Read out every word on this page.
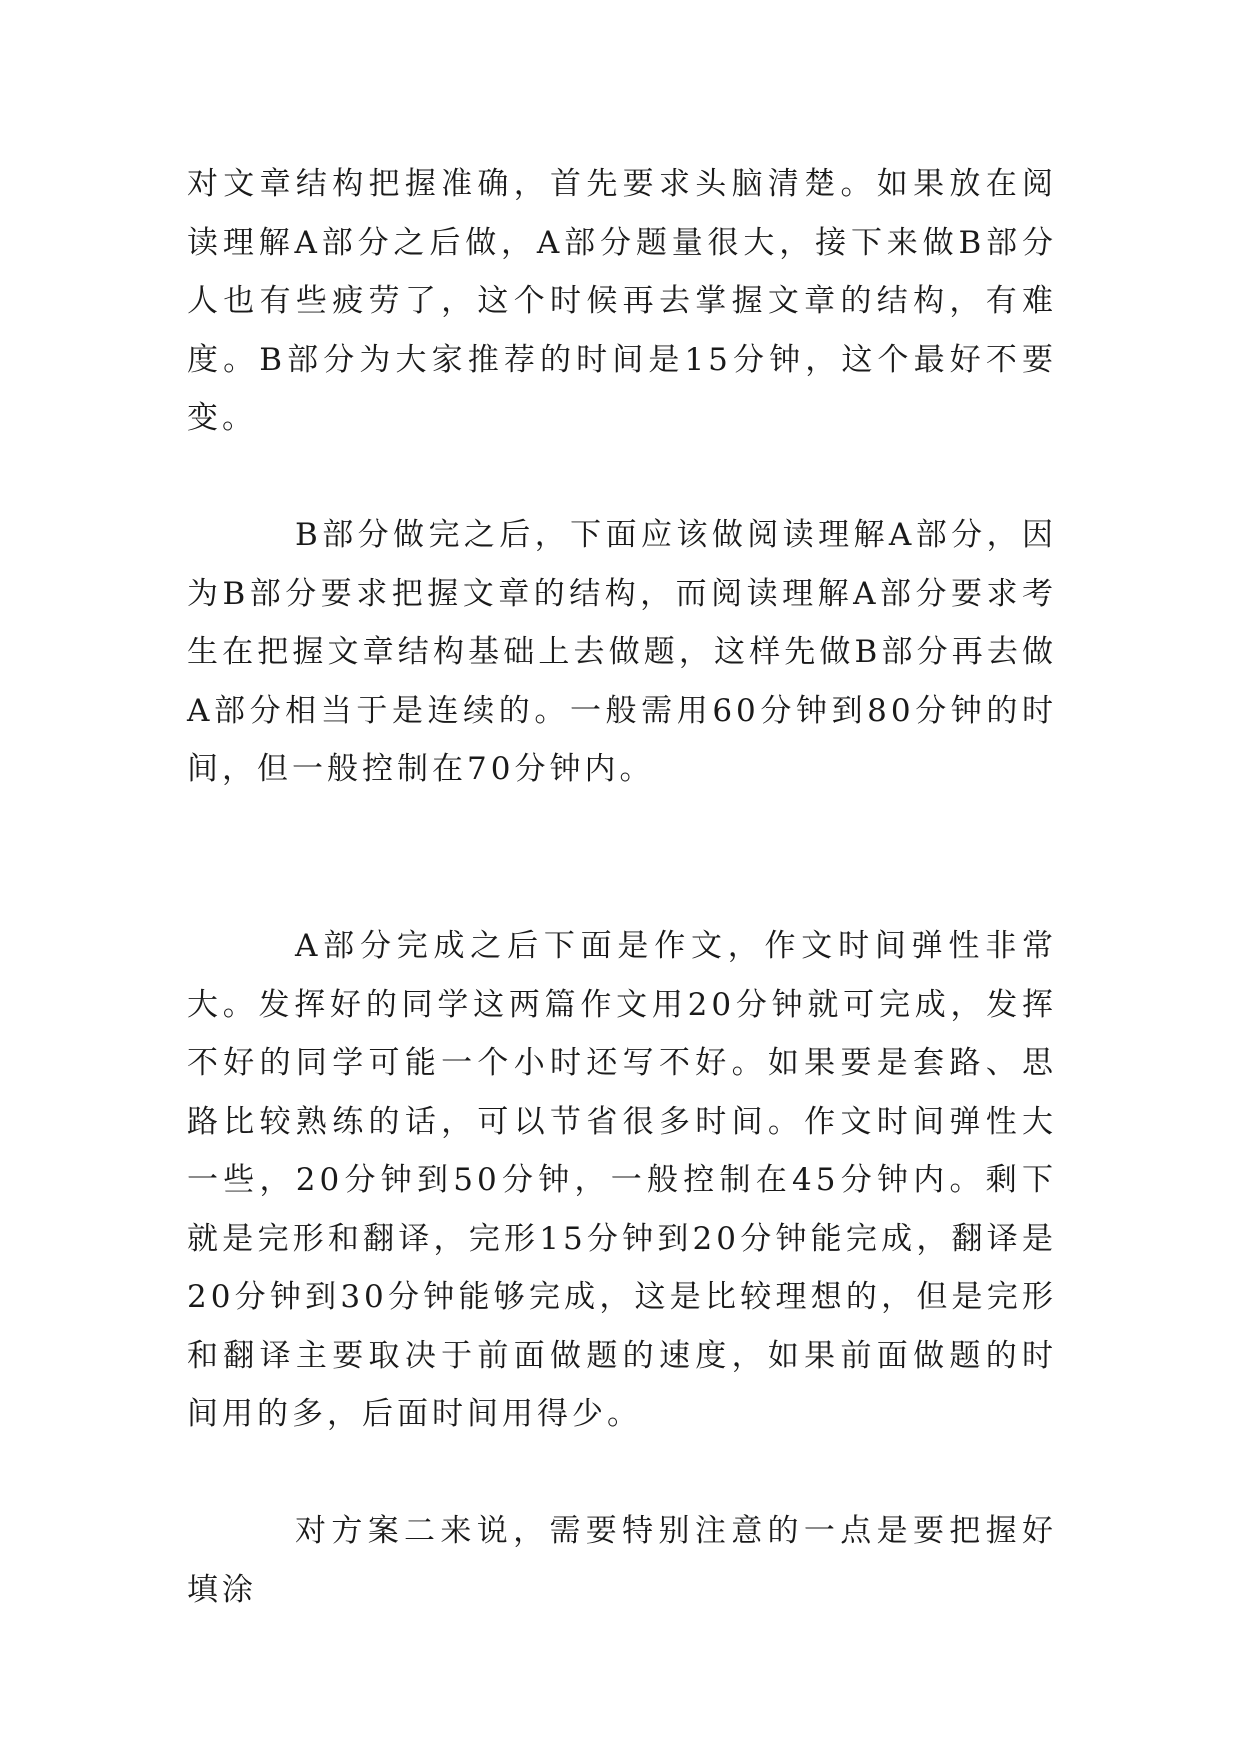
对文章结构把握准确，首先要求头脑清楚。如果放在阅读理解A部分之后做，A部分题量很大，接下来做B部分人也有些疲劳了，这个时候再去掌握文章的结构，有难度。B部分为大家推荐的时间是15分钟，这个最好不要变。

B部分做完之后，下面应该做阅读理解A部分，因为B部分要求把握文章的结构，而阅读理解A部分要求考生在把握文章结构基础上去做题，这样先做B部分再去做A部分相当于是连续的。一般需用60分钟到80分钟的时间，但一般控制在70分钟内。

A部分完成之后下面是作文，作文时间弹性非常大。发挥好的同学这两篇作文用20分钟就可完成，发挥不好的同学可能一个小时还写不好。如果要是套路、思路比较熟练的话，可以节省很多时间。作文时间弹性大一些，20分钟到50分钟，一般控制在45分钟内。剩下就是完形和翻译，完形15分钟到20分钟能完成，翻译是20分钟到30分钟能够完成，这是比较理想的，但是完形和翻译主要取决于前面做题的速度，如果前面做题的时间用的多，后面时间用得少。

对方案二来说，需要特别注意的一点是要把握好填涂
